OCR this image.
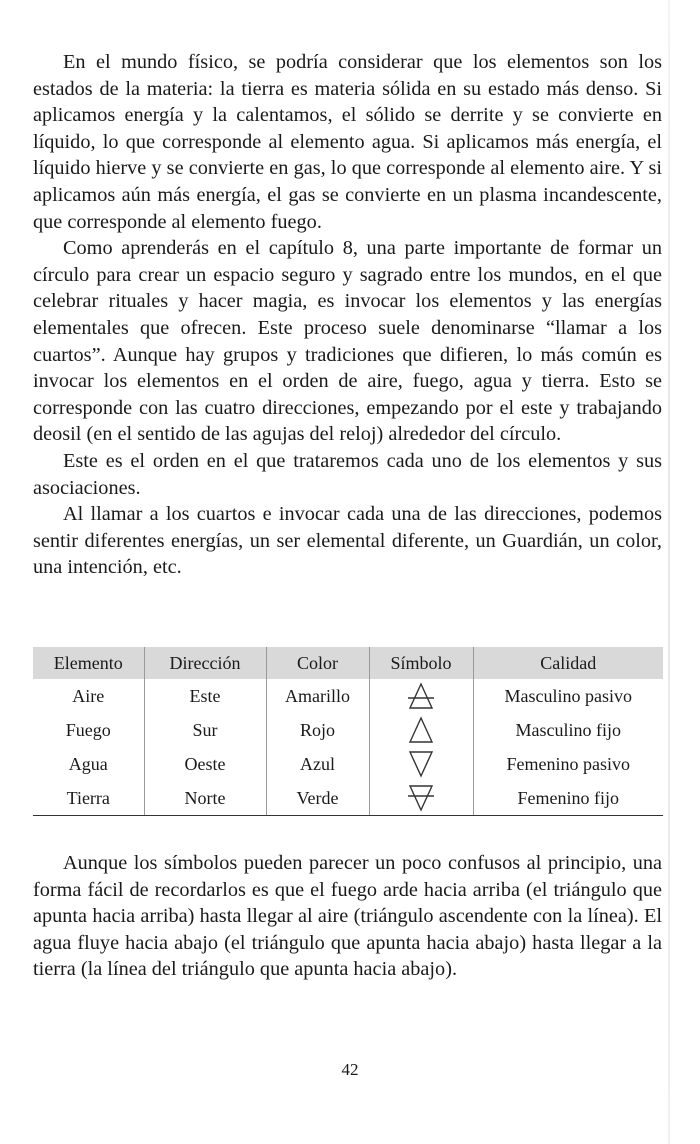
En el mundo físico, se podría considerar que los elementos son los estados de la materia: la tierra es materia sólida en su estado más denso. Si aplicamos energía y la calentamos, el sólido se derrite y se convierte en líquido, lo que corresponde al elemento agua. Si aplicamos más energía, el líquido hierve y se convierte en gas, lo que corresponde al elemento aire. Y si aplicamos aún más energía, el gas se convierte en un plasma incandescente, que corresponde al elemento fuego.

Como aprenderás en el capítulo 8, una parte importante de formar un círculo para crear un espacio seguro y sagrado entre los mundos, en el que celebrar rituales y hacer magia, es invocar los elementos y las energías elementales que ofrecen. Este proceso suele denominarse “llamar a los cuartos”. Aunque hay grupos y tradiciones que difieren, lo más común es invocar los elementos en el orden de aire, fuego, agua y tierra. Esto se corresponde con las cuatro direcciones, empezando por el este y trabajando deosil (en el sentido de las agujas del reloj) alrededor del círculo.

Este es el orden en el que trataremos cada uno de los elementos y sus asociaciones.

Al llamar a los cuartos e invocar cada una de las direcciones, podemos sentir diferentes energías, un ser elemental diferente, un Guardián, un color, una intención, etc.

Elemento	Dirección	Color	Símbolo	Calidad
Aire	Este	Amarillo		Masculino pasivo
Fuego	Sur	Rojo		Masculino fijo
Agua	Oeste	Azul		Femenino pasivo
Tierra	Norte	Verde		Femenino fijo

Aunque los símbolos pueden parecer un poco confusos al principio, una forma fácil de recordarlos es que el fuego arde hacia arriba (el triángulo que apunta hacia arriba) hasta llegar al aire (triángulo ascendente con la línea). El agua fluye hacia abajo (el triángulo que apunta hacia abajo) hasta llegar a la tierra (la línea del triángulo que apunta hacia abajo).

42
